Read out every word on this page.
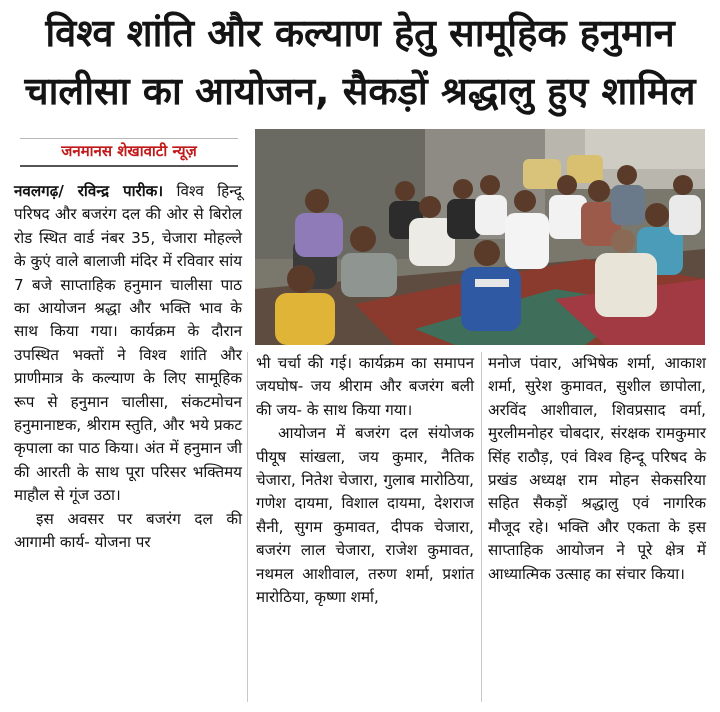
विश्व शांति और कल्याण हेतु सामूहिक हनुमान
चालीसा का आयोजन, सैकड़ों श्रद्धालु हुए शामिल
जनमानस शेखावाटी न्यूज़

नवलगढ़/ रविन्द्र पारीक। विश्व हिन्दू परिषद और बजरंग दल की ओर से बिरोल रोड स्थित वार्ड नंबर 35, चेजारा मोहल्ले के कुएं वाले बालाजी मंदिर में रविवार सांय 7 बजे साप्ताहिक हनुमान चालीसा पाठ का आयोजन श्रद्धा और भक्ति भाव के साथ किया गया। कार्यक्रम के दौरान उपस्थित भक्तों ने विश्व शांति और प्राणीमात्र के कल्याण के लिए सामूहिक रूप से हनुमान चालीसा, संकटमोचन हनुमानाष्टक, श्रीराम स्तुति, और भये प्रकट कृपाला का पाठ किया। अंत में हनुमान जी की आरती के साथ पूरा परिसर भक्तिमय माहौल से गूंज उठा।

इस अवसर पर बजरंग दल की आगामी कार्य- योजना पर

भी चर्चा की गई। कार्यक्रम का समापन जयघोष- जय श्रीराम और बजरंग बली की जय- के साथ किया गया।

आयोजन में बजरंग दल संयोजक पीयूष सांखला, जय कुमार, नैतिक चेजारा, नितेश चेजारा, गुलाब मारोठिया, गणेश दायमा, विशाल दायमा, देशराज सैनी, सुगम कुमावत, दीपक चेजारा, बजरंग लाल चेजारा, राजेश कुमावत, नथमल आशीवाल, तरुण शर्मा, प्रशांत मारोठिया, कृष्णा शर्मा,

मनोज पंवार, अभिषेक शर्मा, आकाश शर्मा, सुरेश कुमावत, सुशील छापोला, अरविंद आशीवाल, शिवप्रसाद वर्मा, मुरलीमनोहर चोबदार, संरक्षक रामकुमार सिंह राठौड़, एवं विश्व हिन्दू परिषद के प्रखंड अध्यक्ष राम मोहन सेकसरिया सहित सैकड़ों श्रद्धालु एवं नागरिक मौजूद रहे। भक्ति और एकता के इस साप्ताहिक आयोजन ने पूरे क्षेत्र में आध्यात्मिक उत्साह का संचार किया।
